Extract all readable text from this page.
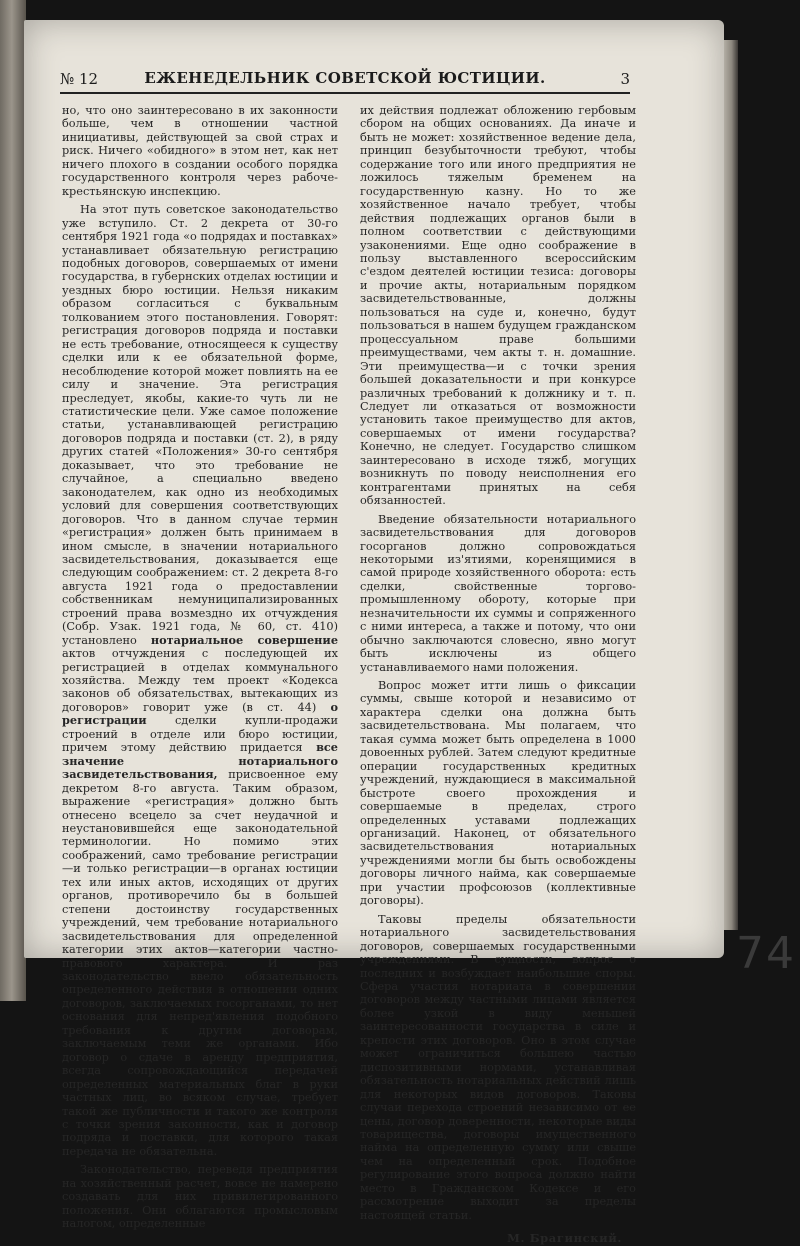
№ 12	ЕЖЕНЕДЕЛЬНИК СОВЕТСКОЙ ЮСТИЦИИ.	3

но, что оно заинтересовано в их законности больше, чем в отношении частной инициативы, действующей за свой страх и риск. Ничего «обидного» в этом нет, как нет ничего плохого в создании особого порядка государственного контроля через рабоче-крестьянскую инспекцию.

На этот путь советское законодательство уже вступило. Ст. 2 декрета от 30-го сентября 1921 года «о подрядах и поставках» устанавливает обязательную регистрацию подобных договоров, совершаемых от имени государства, в губернских отделах юстиции и уездных бюро юстиции. Нельзя никаким образом согласиться с буквальным толкованием этого постановления. Говорят: регистрация договоров подряда и поставки не есть требование, относящееся к существу сделки или к ее обязательной форме, несоблюдение которой может повлиять на ее силу и значение. Эта регистрация преследует, якобы, какие-то чуть ли не статистические цели. Уже самое положение статьи, устанавливающей регистрацию договоров подряда и поставки (ст. 2), в ряду других статей «Положения» 30-го сентября доказывает, что это требование не случайное, а специально введено законодателем, как одно из необходимых условий для совершения соответствующих договоров. Что в данном случае термин «регистрация» должен быть принимаем в ином смысле, в значении нотариального засвидетельствования, доказывается еще следующим соображением: ст. 2 декрета 8-го августа 1921 года о предоставлении собственникам немуниципализированных строений права возмездно их отчуждения (Собр. Узак. 1921 года, № 60, ст. 410) установлено нотариальное совершение актов отчуждения с последующей их регистрацией в отделах коммунального хозяйства. Между тем проект «Кодекса законов об обязательствах, вытекающих из договоров» говорит уже (в ст. 44) о регистрации сделки купли-продажи строений в отделе или бюро юстиции, причем этому действию придается все значение нотариального засвидетельствования, присвоенное ему декретом 8-го августа. Таким образом, выражение «регистрация» должно быть отнесено всецело за счет неудачной и неустановившейся еще законодательной терминологии. Но помимо этих соображений, само требование регистрации—и только регистрации—в органах юстиции тех или иных актов, исходящих от других органов, противоречило бы в большей степени достоинству государственных учреждений, чем требование нотариального засвидетельствования для определенной категории этих актов—категории частно-правового характера. И раз законодательство ввело обязательность определенного действия в отношении одних договоров, заключаемых госорганами, то нет основания для непред'явления подобного требования к другим договорам, заключаемым теми же органами. Ибо договор о сдаче в аренду предприятия, всегда сопровождающийся передачей определенных материальных благ в руки частных лиц, во всяком случае, требует такой же публичности и такого же контроля с точки зрения законности, как и договор подряда и поставки, для которого такая передача не обязательна.

Законодательство, переведя предприятия на хозяйственный расчет, вовсе не намерено создавать для них привилегированного положения. Они облагаются промысловым налогом, определенные

их действия подлежат обложению гербовым сбором на общих основаниях. Да иначе и быть не может: хозяйственное ведение дела, принцип безубыточности требуют, чтобы содержание того или иного предприятия не ложилось тяжелым бременем на государственную казну. Но то же хозяйственное начало требует, чтобы действия подлежащих органов были в полном соответствии с действующими узаконениями. Еще одно соображение в пользу выставленного всероссийским с'ездом деятелей юстиции тезиса: договоры и прочие акты, нотариальным порядком засвидетельствованные, должны пользоваться на суде и, конечно, будут пользоваться в нашем будущем гражданском процессуальном праве большими преимуществами, чем акты т. н. домашние. Эти преимущества—и с точки зрения большей доказательности и при конкурсе различных требований к должнику и т. п. Следует ли отказаться от возможности установить такое преимущество для актов, совершаемых от имени государства? Конечно, не следует. Государство слишком заинтересовано в исходе тяжб, могущих возникнуть по поводу неисполнения его контрагентами принятых на себя обязанностей.

Введение обязательности нотариального засвидетельствования для договоров госорганов должно сопровождаться некоторыми из'ятиями, коренящимися в самой природе хозяйственного оборота: есть сделки, свойственные торгово-промышленному обороту, которые при незначительности их суммы и сопряженного с ними интереса, а также и потому, что они обычно заключаются словесно, явно могут быть исключены из общего устанавливаемого нами положения.

Вопрос может итти лишь о фиксации суммы, свыше которой и независимо от характера сделки она должна быть засвидетельствована. Мы полагаем, что такая сумма может быть определена в 1000 довоенных рублей. Затем следуют кредитные операции государственных кредитных учреждений, нуждающиеся в максимальной быстроте своего прохождения и совершаемые в пределах, строго определенных уставами подлежащих организаций. Наконец, от обязательного засвидетельствования нотариальных учреждениями могли бы быть освобождены договоры личного найма, как совершаемые при участии профсоюзов (коллективные договоры).

Таковы пределы обязательности нотариального засвидетельствования договоров, совершаемых государственными учреждениями. В сущности, вопрос о последних и возбуждает наибольшие споры. Сфера участия нотариата в совершении договоров между частными лицами является более узкой в виду меньшей заинтересованности государства в силе и крепости этих договоров. Оно в этом случае может ограничиться большею частью диспозитивными нормами, устанавливая обязательность нотариальных действий лишь для некоторых видов договоров. Таковы случаи перехода строений независимо от ее цены, договор доверенности, некоторые виды товарищества, договоры имущественного найма на определенную сумму или свыше чем на определенный срок. Подобное регулирование этого вопроса должно найти место в Гражданском Кодексе и его рассмотрение выходит за пределы настоящей статьи.

М. Брагинский.
74
